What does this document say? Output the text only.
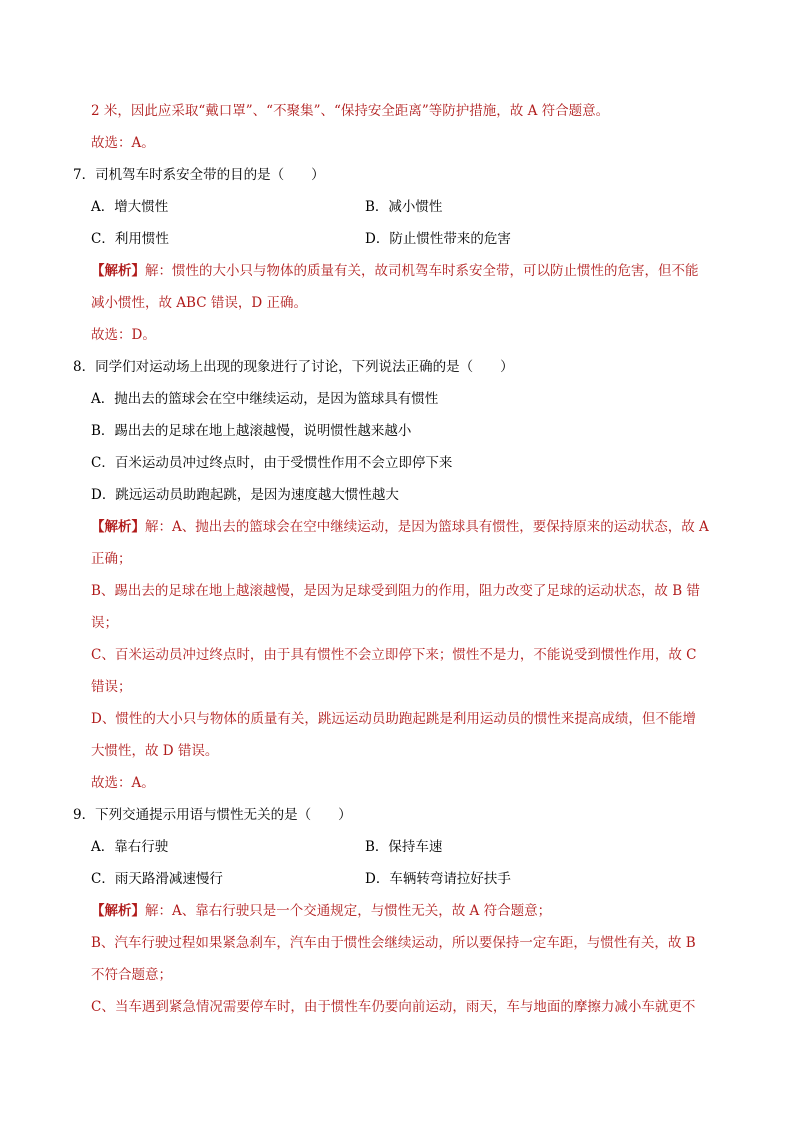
2 米，因此应采取“戴口罩”、“不聚集”、“保持安全距离”等防护措施，故 A 符合题意。
故选：A。
7．司机驾车时系安全带的目的是（　　）
A．增大惯性	B．减小惯性
C．利用惯性	D．防止惯性带来的危害
【解析】解：惯性的大小只与物体的质量有关，故司机驾车时系安全带，可以防止惯性的危害，但不能
减小惯性，故 ABC 错误，D 正确。
故选：D。
8．同学们对运动场上出现的现象进行了讨论，下列说法正确的是（　　）
A．抛出去的篮球会在空中继续运动，是因为篮球具有惯性
B．踢出去的足球在地上越滚越慢，说明惯性越来越小
C．百米运动员冲过终点时，由于受惯性作用不会立即停下来
D．跳远运动员助跑起跳，是因为速度越大惯性越大
【解析】解：A、抛出去的篮球会在空中继续运动，是因为篮球具有惯性，要保持原来的运动状态，故 A
正确；
B、踢出去的足球在地上越滚越慢，是因为足球受到阻力的作用，阻力改变了足球的运动状态，故 B 错
误；
C、百米运动员冲过终点时，由于具有惯性不会立即停下来；惯性不是力，不能说受到惯性作用，故 C
错误；
D、惯性的大小只与物体的质量有关，跳远运动员助跑起跳是利用运动员的惯性来提高成绩，但不能增
大惯性，故 D 错误。
故选：A。
9．下列交通提示用语与惯性无关的是（　　）
A．靠右行驶	B．保持车速
C．雨天路滑减速慢行	D．车辆转弯请拉好扶手
【解析】解：A、靠右行驶只是一个交通规定，与惯性无关，故 A 符合题意；
B、汽车行驶过程如果紧急刹车，汽车由于惯性会继续运动，所以要保持一定车距，与惯性有关，故 B
不符合题意；
C、当车遇到紧急情况需要停车时，由于惯性车仍要向前运动，雨天，车与地面的摩擦力减小车就更不
